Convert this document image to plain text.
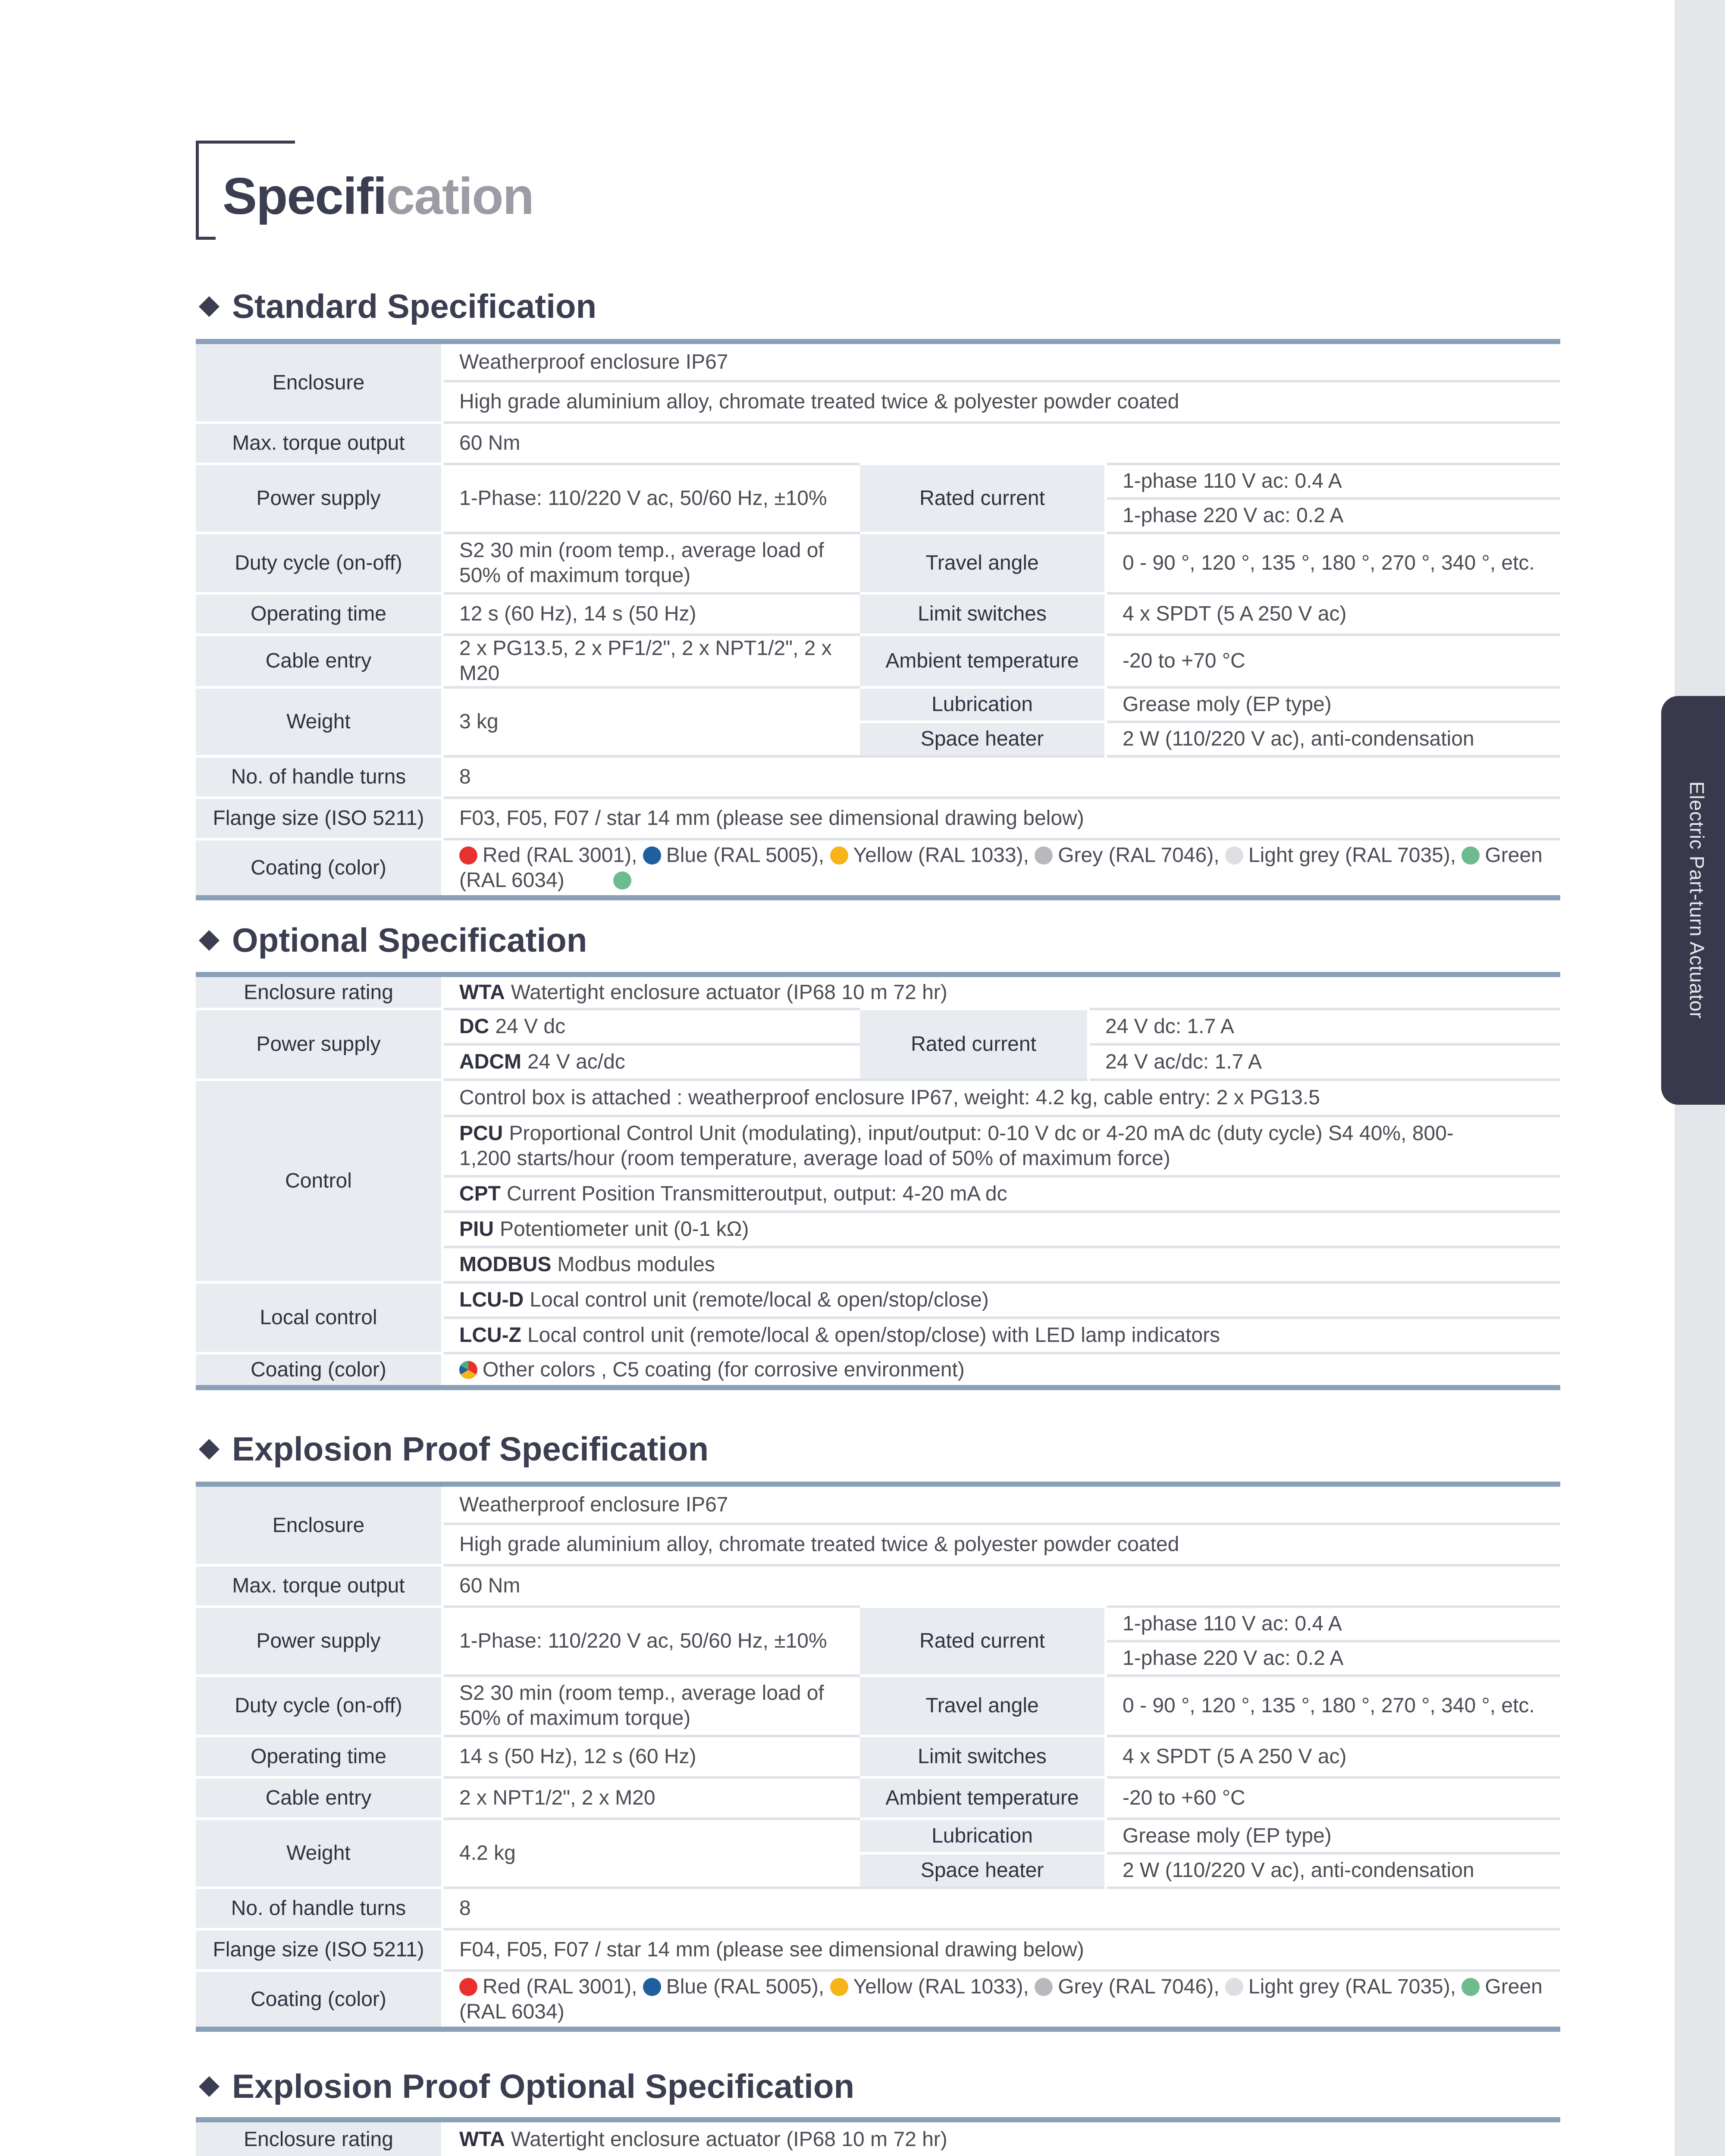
Electric Part-turn Actuator
Specification
Standard Specification
Enclosure	Weatherproof enclosure IP67		
	High grade aluminium alloy, chromate treated twice & polyester powder coated		
Max. torque output	60 Nm		
Power supply	1-Phase: 110/220 V ac, 50/60 Hz, ±10%	Rated current	1-phase 110 V ac: 0.4 A
			1-phase 220 V ac: 0.2 A
Duty cycle (on-off)	S2 30 min (room temp., average load of 50% of maximum torque)	Travel angle	0 - 90 °, 120 °, 135 °, 180 °, 270 °, 340 °, etc.
Operating time	12 s (60 Hz), 14 s (50 Hz)	Limit switches	4 x SPDT (5 A 250 V ac)
Cable entry	2 x PG13.5, 2 x PF1/2", 2 x NPT1/2", 2 x M20	Ambient temperature	-20 to +70 °C
Weight	3 kg	Lubrication	Grease moly (EP type)
		Space heater	2 W (110/220 V ac), anti-condensation
No. of handle turns	8		
Flange size (ISO 5211)	F03, F05, F07 / star 14 mm (please see dimensional drawing below)		
Coating (color)	Red (RAL 3001), Blue (RAL 5005), Yellow (RAL 1033), Grey (RAL 7046), Light grey (RAL 7035), Green (RAL 6034)		
Optional Specification
Enclosure rating	WTA Watertight enclosure actuator (IP68 10 m 72 hr)		
Power supply	DC 24 V dc	Rated current	24 V dc: 1.7 A
	ADCM 24 V ac/dc		24 V ac/dc: 1.7 A
Control	Control box is attached : weatherproof enclosure IP67, weight: 4.2 kg, cable entry: 2 x PG13.5		
	PCU Proportional Control Unit (modulating), input/output: 0-10 V dc or 4-20 mA dc (duty cycle) S4 40%, 800-1,200 starts/hour (room temperature, average load of 50% of maximum force)		
	CPT Current Position Transmitteroutput, output: 4-20 mA dc		
	PIU Potentiometer unit (0-1 kΩ)		
	MODBUS Modbus modules		
Local control	LCU-D Local control unit (remote/local & open/stop/close)		
	LCU-Z Local control unit (remote/local & open/stop/close) with LED lamp indicators		
Coating (color)	Other colors , C5 coating (for corrosive environment)		
Explosion Proof Specification
Enclosure	Weatherproof enclosure IP67		
	High grade aluminium alloy, chromate treated twice & polyester powder coated		
Max. torque output	60 Nm		
Power supply	1-Phase: 110/220 V ac, 50/60 Hz, ±10%	Rated current	1-phase 110 V ac: 0.4 A
			1-phase 220 V ac: 0.2 A
Duty cycle (on-off)	S2 30 min (room temp., average load of 50% of maximum torque)	Travel angle	0 - 90 °, 120 °, 135 °, 180 °, 270 °, 340 °, etc.
Operating time	14 s (50 Hz), 12 s (60 Hz)	Limit switches	4 x SPDT (5 A 250 V ac)
Cable entry	2 x NPT1/2", 2 x M20	Ambient temperature	-20 to +60 °C
Weight	4.2 kg	Lubrication	Grease moly (EP type)
		Space heater	2 W (110/220 V ac), anti-condensation
No. of handle turns	8		
Flange size (ISO 5211)	F04, F05, F07 / star 14 mm (please see dimensional drawing below)		
Coating (color)	Red (RAL 3001), Blue (RAL 5005), Yellow (RAL 1033), Grey (RAL 7046), Light grey (RAL 7035), Green (RAL 6034)		
Explosion Proof Optional Specification
Enclosure rating	WTA Watertight enclosure actuator (IP68 10 m 72 hr)		
